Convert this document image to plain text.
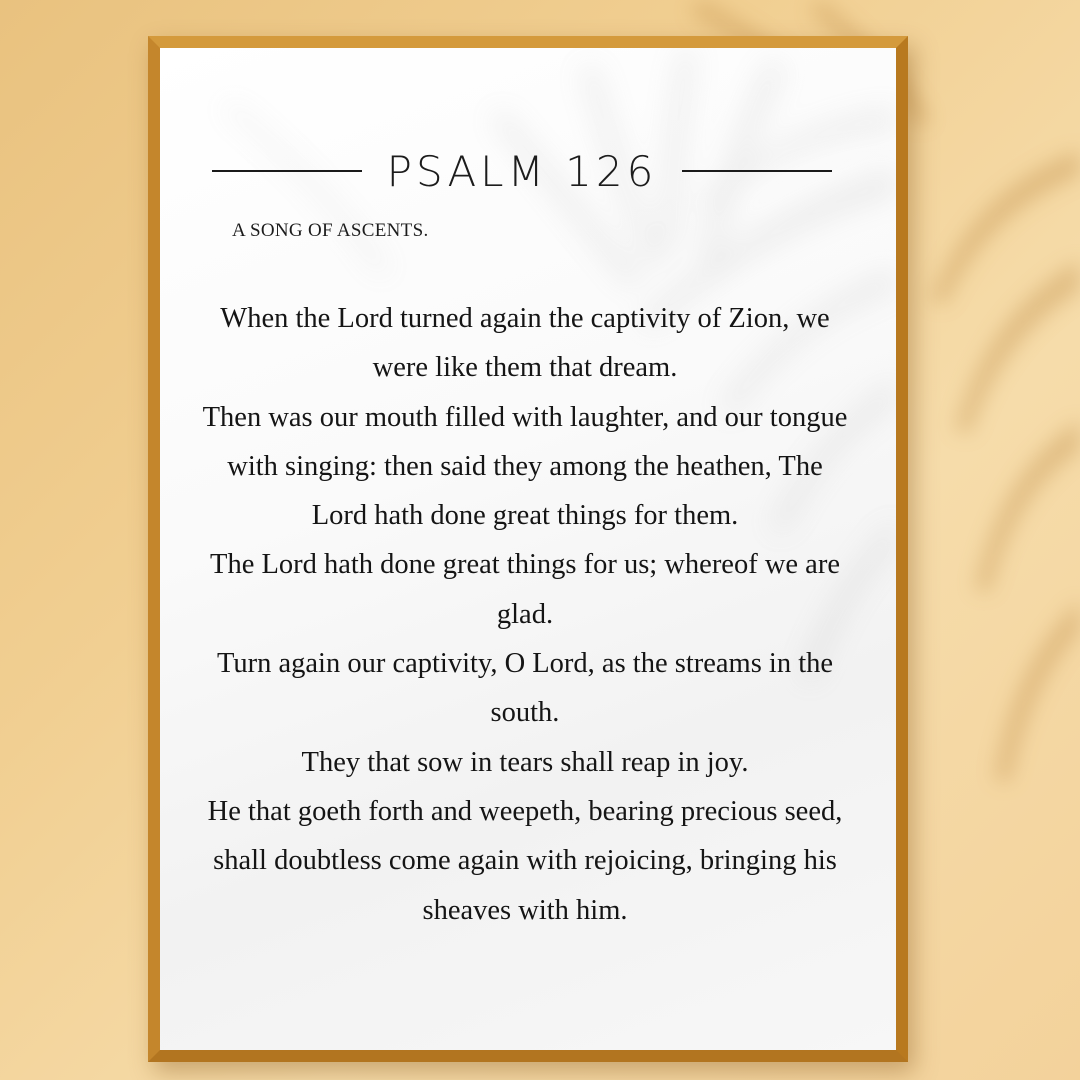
PSALM 126
A SONG OF ASCENTS.

When the Lord turned again the captivity of Zion, we were like them that dream.

Then was our mouth filled with laughter, and our tongue with singing: then said they among the heathen, The Lord hath done great things for them.

The Lord hath done great things for us; whereof we are glad.

Turn again our captivity, O Lord, as the streams in the south.

They that sow in tears shall reap in joy.

He that goeth forth and weepeth, bearing precious seed, shall doubtless come again with rejoicing, bringing his sheaves with him.
